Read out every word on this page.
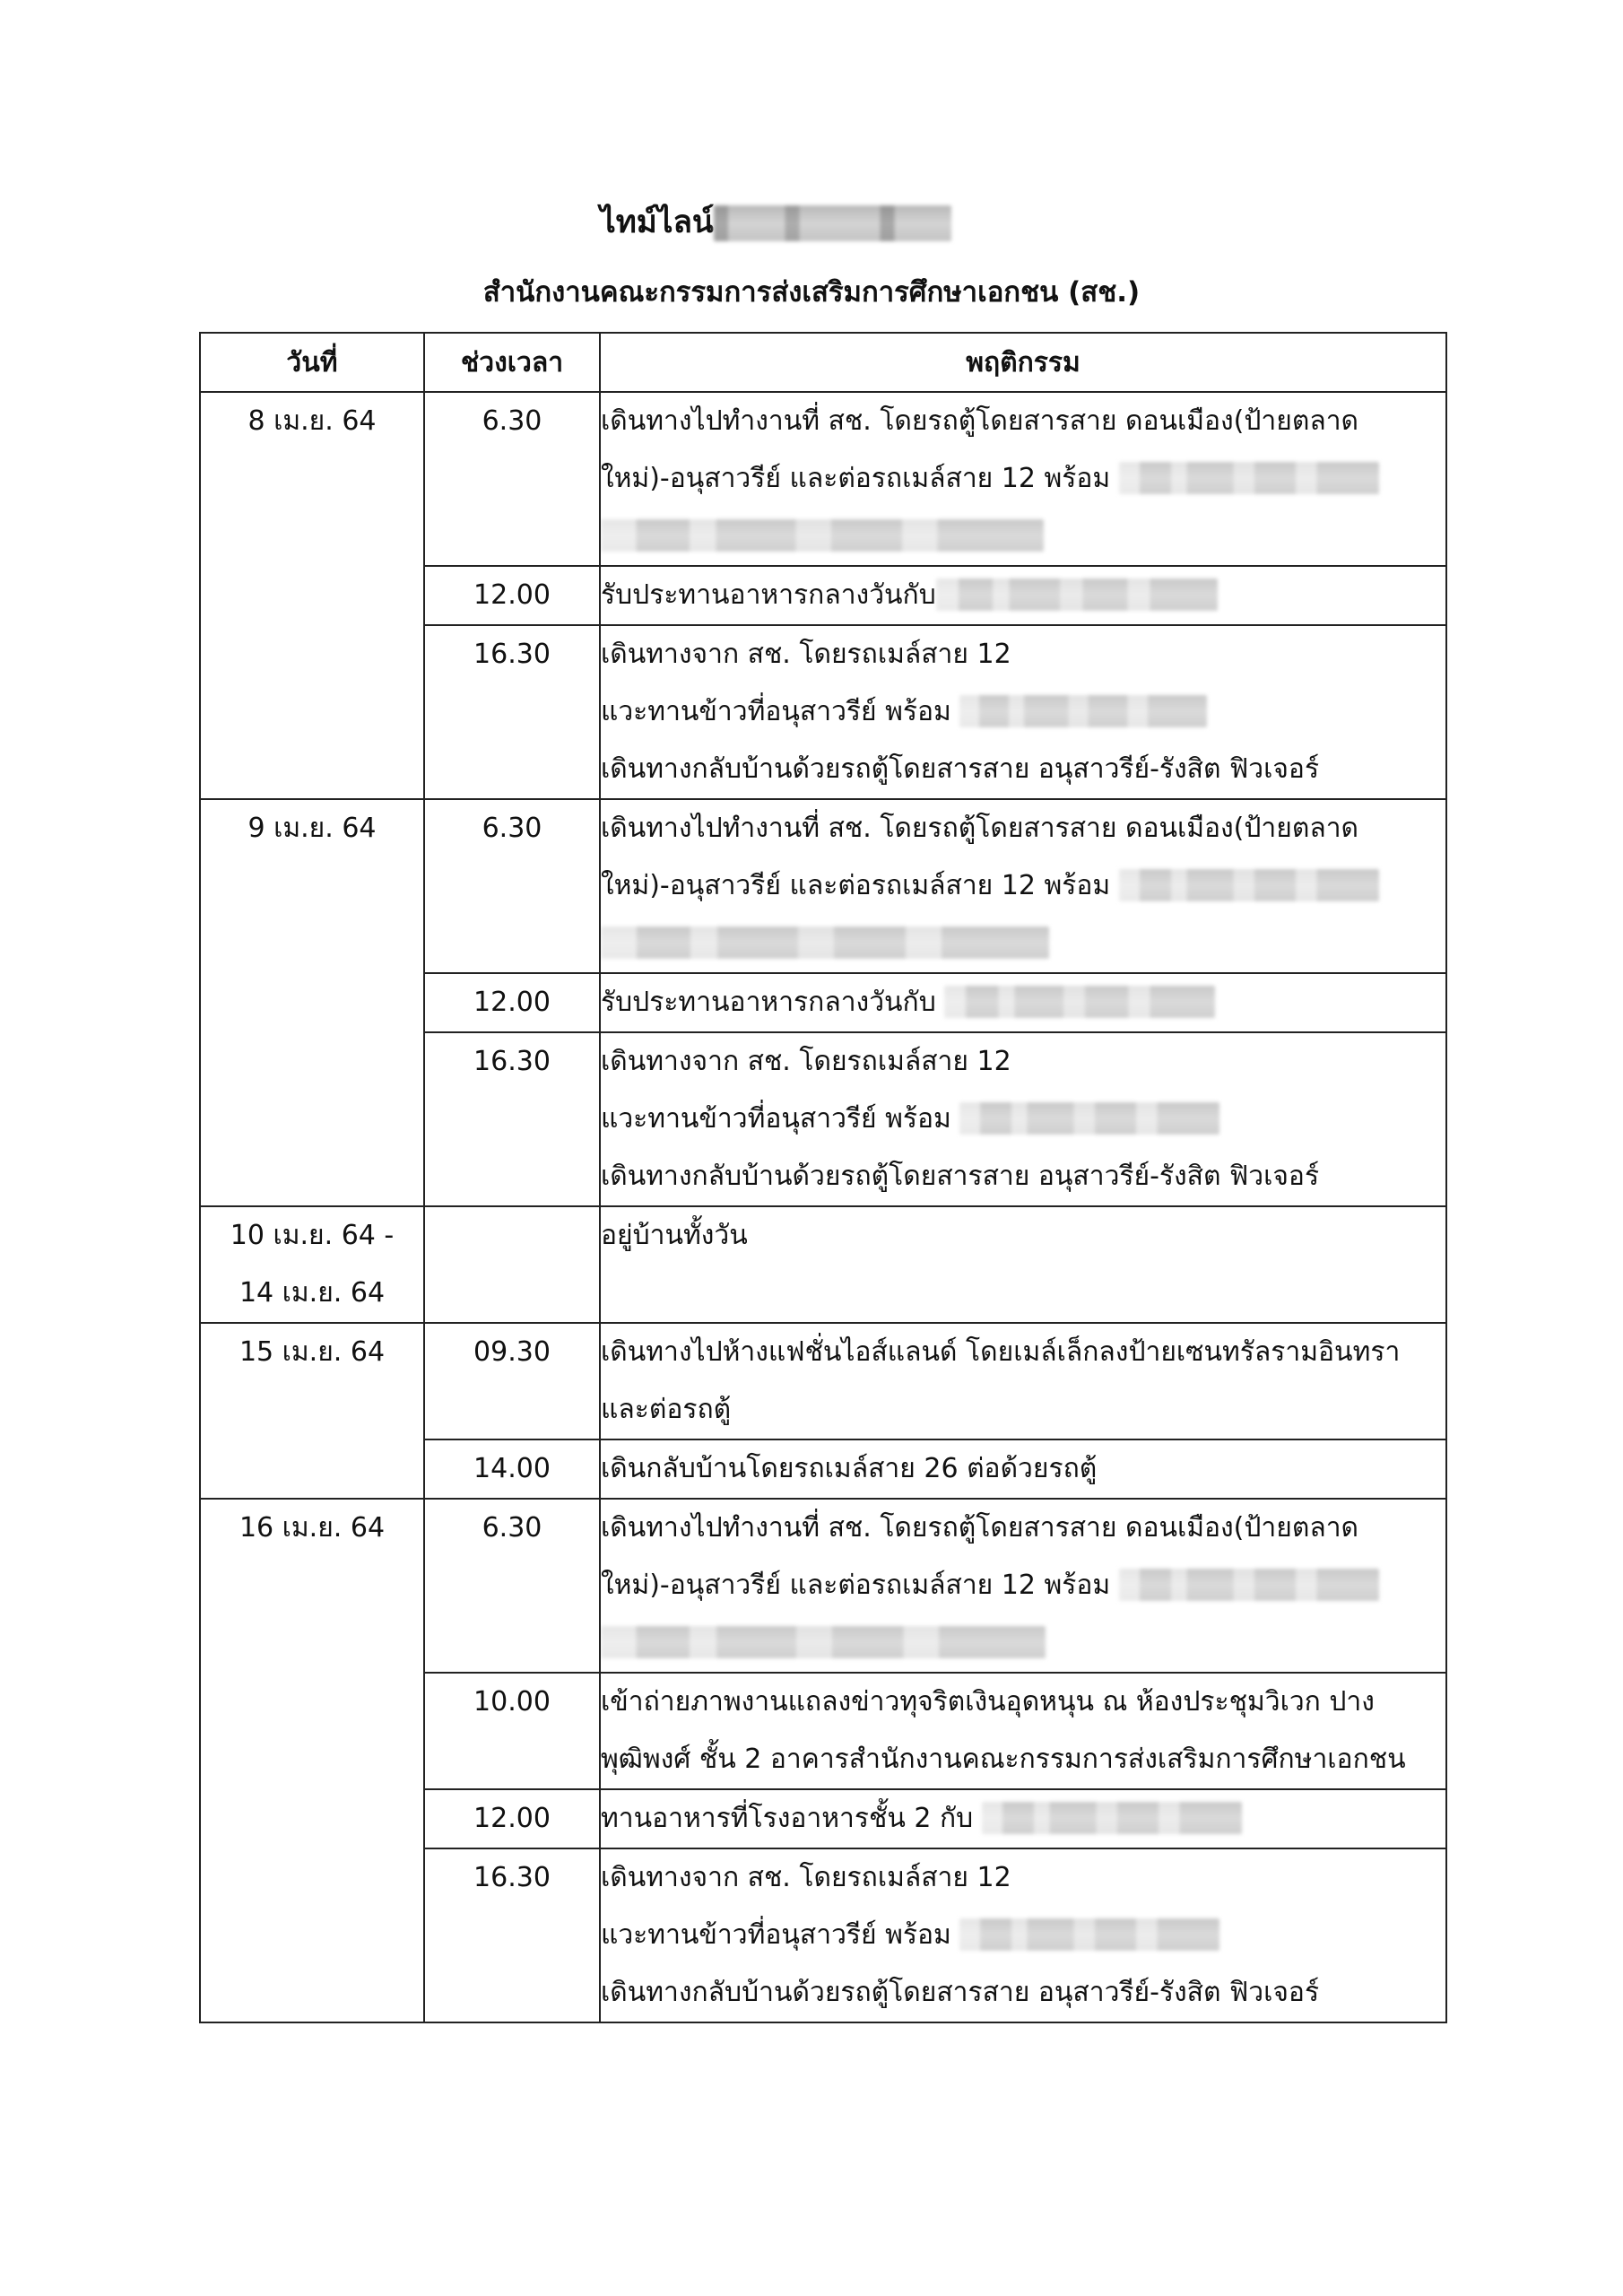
ไทม์ไลน์
สำนักงานคณะกรรมการส่งเสริมการศึกษาเอกชน (สช.)
วันที่	ช่วงเวลา	พฤติกรรม

8 เม.ย. 64	6.30	เดินทางไปทำงานที่ สช. โดยรถตู้โดยสารสาย ดอนเมือง(ป้ายตลาด
ใหม่)-อนุสาวรีย์ และต่อรถเมล์สาย 12 พร้อม

	12.00	รับประทานอาหารกลางวันกับ

	16.30	เดินทางจาก สช. โดยรถเมล์สาย 12
แวะทานข้าวที่อนุสาวรีย์ พร้อม
เดินทางกลับบ้านด้วยรถตู้โดยสารสาย อนุสาวรีย์-รังสิต ฟิวเจอร์

9 เม.ย. 64	6.30	เดินทางไปทำงานที่ สช. โดยรถตู้โดยสารสาย ดอนเมือง(ป้ายตลาด
ใหม่)-อนุสาวรีย์ และต่อรถเมล์สาย 12 พร้อม

	12.00	รับประทานอาหารกลางวันกับ

	16.30	เดินทางจาก สช. โดยรถเมล์สาย 12
แวะทานข้าวที่อนุสาวรีย์ พร้อม
เดินทางกลับบ้านด้วยรถตู้โดยสารสาย อนุสาวรีย์-รังสิต ฟิวเจอร์

10 เม.ย. 64 -
14 เม.ย. 64		อยู่บ้านทั้งวัน

15 เม.ย. 64	09.30	เดินทางไปห้างแฟชั่นไอส์แลนด์ โดยเมล์เล็กลงป้ายเซนทรัลรามอินทรา
และต่อรถตู้

	14.00	เดินกลับบ้านโดยรถเมล์สาย 26 ต่อด้วยรถตู้

16 เม.ย. 64	6.30	เดินทางไปทำงานที่ สช. โดยรถตู้โดยสารสาย ดอนเมือง(ป้ายตลาด
ใหม่)-อนุสาวรีย์ และต่อรถเมล์สาย 12 พร้อม

	10.00	เข้าถ่ายภาพงานแถลงข่าวทุจริตเงินอุดหนุน ณ ห้องประชุมวิเวก ปาง
พุฒิพงศ์ ชั้น 2 อาคารสำนักงานคณะกรรมการส่งเสริมการศึกษาเอกชน

	12.00	ทานอาหารที่โรงอาหารชั้น 2 กับ

	16.30	เดินทางจาก สช. โดยรถเมล์สาย 12
แวะทานข้าวที่อนุสาวรีย์ พร้อม
เดินทางกลับบ้านด้วยรถตู้โดยสารสาย อนุสาวรีย์-รังสิต ฟิวเจอร์
